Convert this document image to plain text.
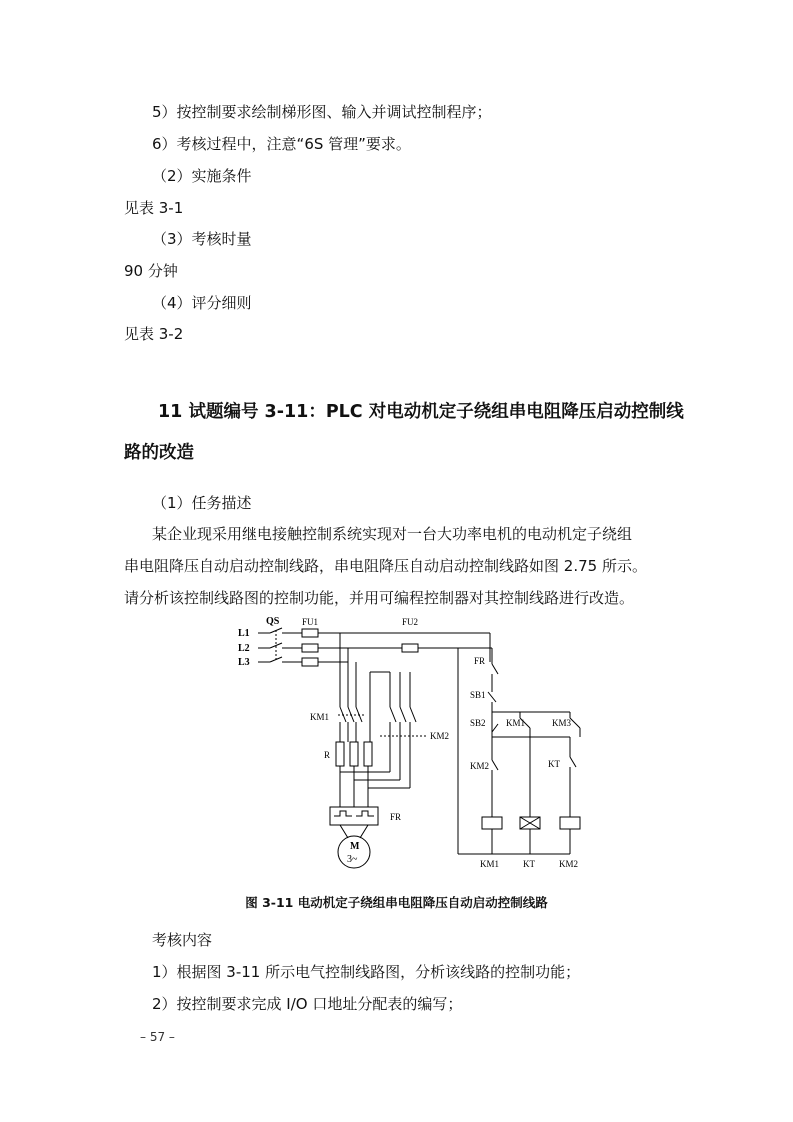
5）按控制要求绘制梯形图、输入并调试控制程序；
6）考核过程中，注意“6S 管理”要求。
（2）实施条件
见表 3-1
（3）考核时量
90 分钟
（4）评分细则
见表 3-2
11 试题编号 3-11：PLC 对电动机定子绕组串电阻降压启动控制线
路的改造
（1）任务描述

某企业现采用继电接触控制系统实现对一台大功率电机的电动机定子绕组

串电阻降压自动启动控制线路，串电阻降压自动启动控制线路如图 2.75 所示。

请分析该控制线路图的控制功能，并用可编程控制器对其控制线路进行改造。

QS	FU1	FU2
L1
L2
L3
KM1
KM2
R
FR
M
3~
FR
SB1
SB2 KM1	KM3
KM2	KT
KM1	KT	KM2
图 3-11 电动机定子绕组串电阻降压自动启动控制线路
考核内容
1）根据图 3-11 所示电气控制线路图，分析该线路的控制功能；
2）按控制要求完成 I/O 口地址分配表的编写；
– 57 –
